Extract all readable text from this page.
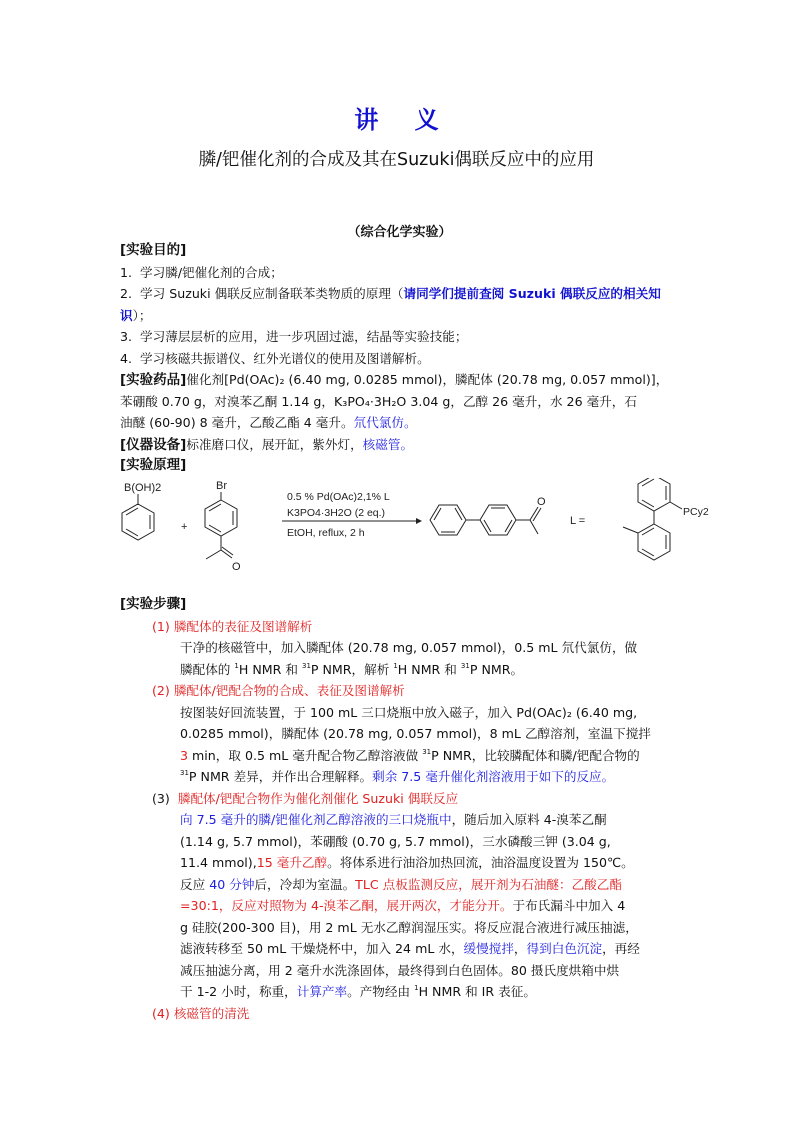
讲 义
膦/钯催化剂的合成及其在Suzuki偶联反应中的应用
（综合化学实验）
[实验目的]
1. 学习膦/钯催化剂的合成；
2. 学习 Suzuki 偶联反应制备联苯类物质的原理（请同学们提前查阅 Suzuki 偶联反应的相关知识）；
3. 学习薄层层析的应用，进一步巩固过滤，结晶等实验技能；
4. 学习核磁共振谱仪、红外光谱仪的使用及图谱解析。
[实验药品]催化剂[Pd(OAc)₂ (6.40 mg, 0.0285 mmol)，膦配体 (20.78 mg, 0.057 mmol)]，
苯硼酸 0.70 g，对溴苯乙酮 1.14 g，K₃PO₄·3H₂O 3.04 g，乙醇 26 毫升，水 26 毫升，石
油醚 (60-90) 8 毫升，乙酸乙酯 4 毫升。氘代氯仿。
[仪器设备]标准磨口仪，展开缸，紫外灯，核磁管。
[实验原理]
B(OH)2	Br
+
O
0.5 % Pd(OAc)2,1% L
K3PO4·3H2O (2 eq.)
EtOH, reflux, 2 h
O
L =
PCy2
[实验步骤]
(1) 膦配体的表征及图谱解析
干净的核磁管中，加入膦配体 (20.78 mg, 0.057 mmol)，0.5 mL 氘代氯仿，做
膦配体的 $^1$H NMR 和 $^{31}$P NMR，解析 $^1$H NMR 和 $^{31}$P NMR。
(2) 膦配体/钯配合物的合成、表征及图谱解析
按图装好回流装置，于 100 mL 三口烧瓶中放入磁子，加入 Pd(OAc)₂ (6.40 mg,
0.0285 mmol)，膦配体 (20.78 mg, 0.057 mmol)，8 mL 乙醇溶剂，室温下搅拌
3 min，取 0.5 mL 毫升配合物乙醇溶液做 $^{31}$P NMR，比较膦配体和膦/钯配合物的
$^{31}$P NMR 差异，并作出合理解释。剩余 7.5 毫升催化剂溶液用于如下的反应。
(3) 膦配体/钯配合物作为催化剂催化 Suzuki 偶联反应
向 7.5 毫升的膦/钯催化剂乙醇溶液的三口烧瓶中，随后加入原料 4-溴苯乙酮
(1.14 g, 5.7 mmol)，苯硼酸 (0.70 g, 5.7 mmol)，三水磷酸三钾 (3.04 g,
11.4 mmol),15 毫升乙醇。将体系进行油浴加热回流，油浴温度设置为 150℃。
反应 40 分钟后，冷却为室温。TLC 点板监测反应，展开剂为石油醚：乙酸乙酯
=30:1，反应对照物为 4-溴苯乙酮，展开两次，才能分开。于布氏漏斗中加入 4
g 硅胶(200-300 目)，用 2 mL 无水乙醇润湿压实。将反应混合液进行减压抽滤，
滤液转移至 50 mL 干燥烧杯中，加入 24 mL 水，缓慢搅拌，得到白色沉淀，再经
减压抽滤分离，用 2 毫升水洗涤固体，最终得到白色固体。80 摄氏度烘箱中烘
干 1-2 小时，称重，计算产率。产物经由 $^1$H NMR 和 IR 表征。
(4) 核磁管的清洗
